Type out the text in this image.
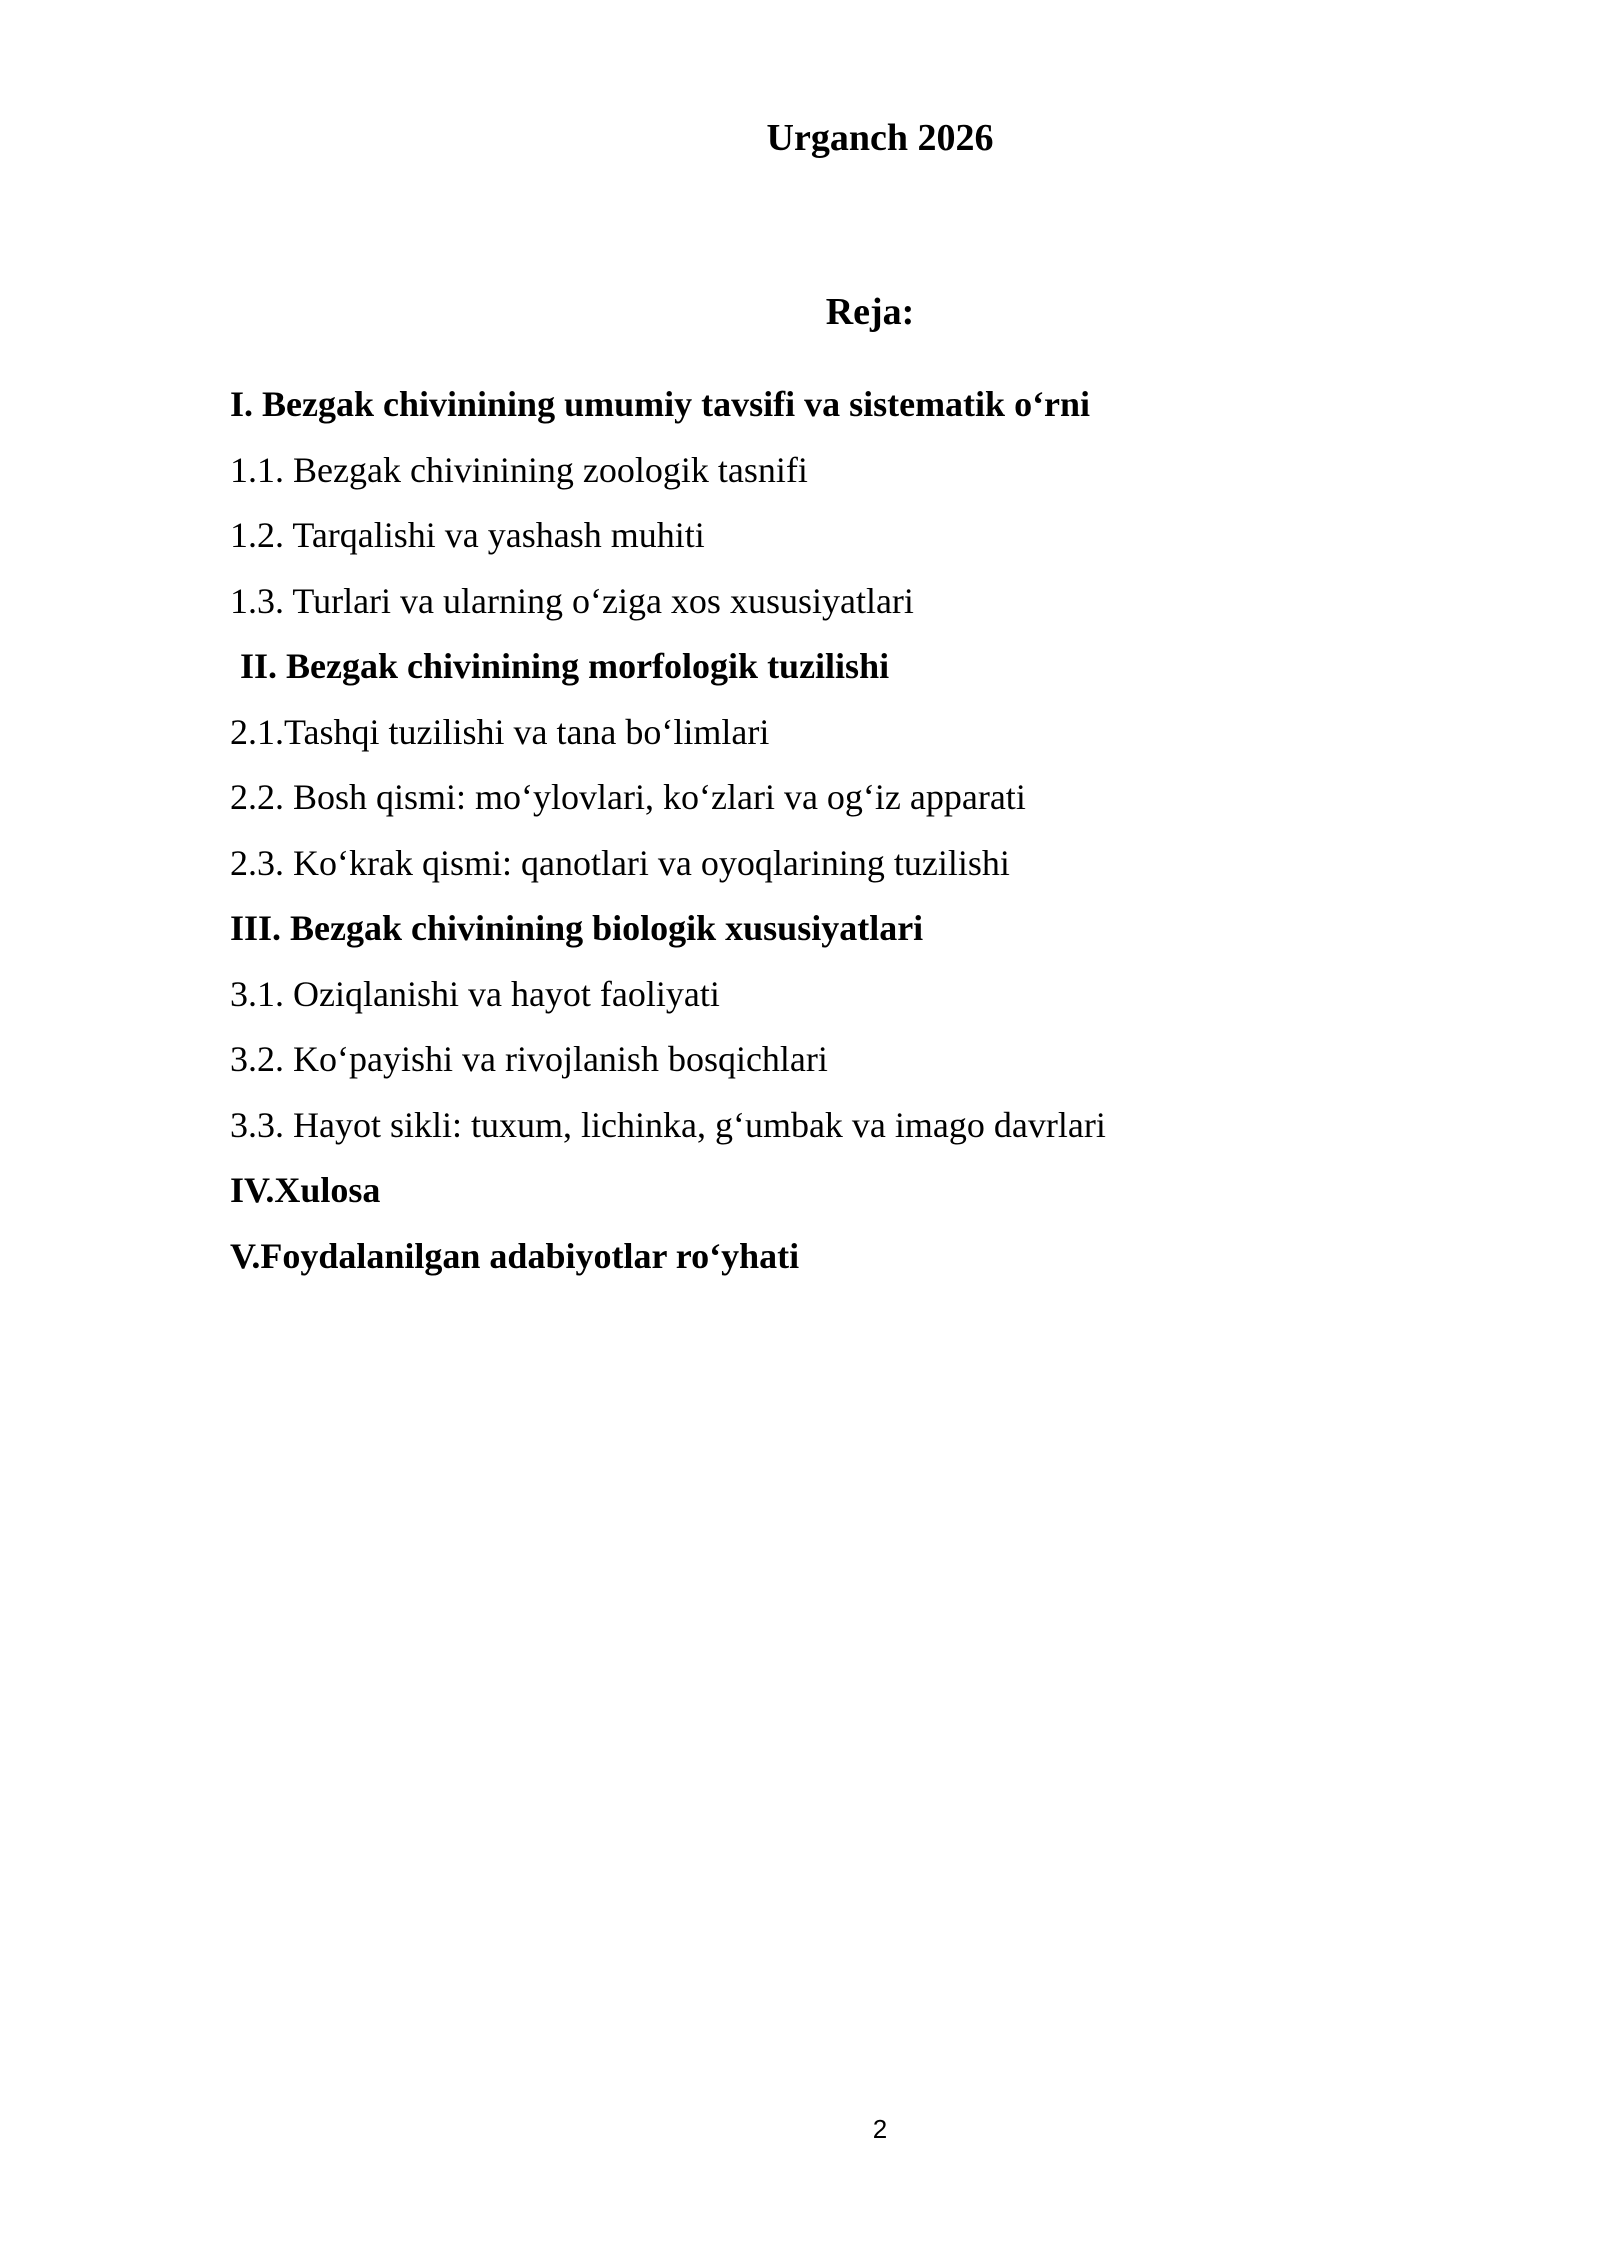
Urganch 2026

Reja:

I. Bezgak chivinining umumiy tavsifi va sistematik o‘rni
1.1. Bezgak chivinining zoologik tasnifi
1.2. Tarqalishi va yashash muhiti
1.3. Turlari va ularning o‘ziga xos xususiyatlari
II. Bezgak chivinining morfologik tuzilishi
2.1.Tashqi tuzilishi va tana bo‘limlari
2.2. Bosh qismi: mo‘ylovlari, ko‘zlari va og‘iz apparati
2.3. Ko‘krak qismi: qanotlari va oyoqlarining tuzilishi
III. Bezgak chivinining biologik xususiyatlari
3.1. Oziqlanishi va hayot faoliyati
3.2. Ko‘payishi va rivojlanish bosqichlari
3.3. Hayot sikli: tuxum, lichinka, g‘umbak va imago davrlari
IV.Xulosa
V.Foydalanilgan adabiyotlar ro‘yhati

2
